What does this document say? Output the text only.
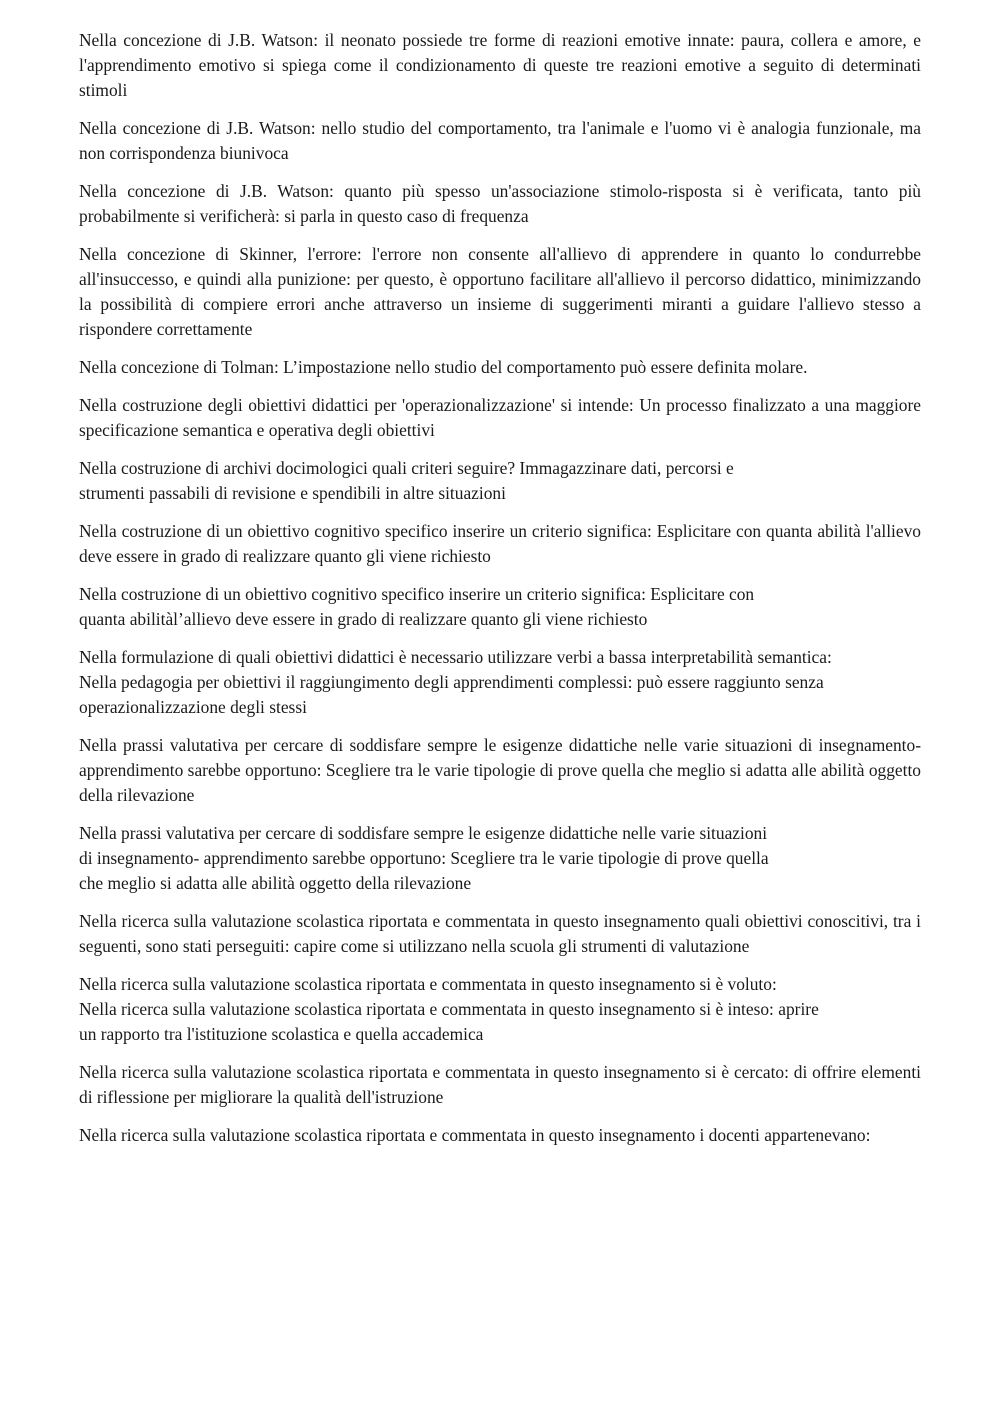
Nella concezione di J.B. Watson: il neonato possiede tre forme di reazioni emotive innate: paura, collera e amore, e l'apprendimento emotivo si spiega come il condizionamento di queste tre reazioni emotive a seguito di determinati stimoli

Nella concezione di J.B. Watson: nello studio del comportamento, tra l'animale e l'uomo vi è analogia funzionale, ma non corrispondenza biunivoca

Nella concezione di J.B. Watson: quanto più spesso un'associazione stimolo-risposta si è verificata, tanto più probabilmente si verificherà: si parla in questo caso di frequenza

Nella concezione di Skinner, l'errore: l'errore non consente all'allievo di apprendere in quanto lo condurrebbe all'insuccesso, e quindi alla punizione: per questo, è opportuno facilitare all'allievo il percorso didattico, minimizzando la possibilità di compiere errori anche attraverso un insieme di suggerimenti miranti a guidare l'allievo stesso a rispondere correttamente

Nella concezione di Tolman: L’impostazione nello studio del comportamento può essere definita molare.

Nella costruzione degli obiettivi didattici per 'operazionalizzazione' si intende: Un processo finalizzato a una maggiore specificazione semantica e operativa degli obiettivi

Nella costruzione di archivi docimologici quali criteri seguire? Immagazzinare dati, percorsi e
strumenti passabili di revisione e spendibili in altre situazioni

Nella costruzione di un obiettivo cognitivo specifico inserire un criterio significa: Esplicitare con quanta abilità l'allievo deve essere in grado di realizzare quanto gli viene richiesto

Nella costruzione di un obiettivo cognitivo specifico inserire un criterio significa: Esplicitare con
quanta abilitàl’allievo deve essere in grado di realizzare quanto gli viene richiesto

Nella formulazione di quali obiettivi didattici è necessario utilizzare verbi a bassa interpretabilità semantica:
Nella pedagogia per obiettivi il raggiungimento degli apprendimenti complessi: può essere raggiunto senza
operazionalizzazione degli stessi

Nella prassi valutativa per cercare di soddisfare sempre le esigenze didattiche nelle varie situazioni di insegnamento- apprendimento sarebbe opportuno: Scegliere tra le varie tipologie di prove quella che meglio si adatta alle abilità oggetto della rilevazione

Nella prassi valutativa per cercare di soddisfare sempre le esigenze didattiche nelle varie situazioni
di insegnamento- apprendimento sarebbe opportuno: Scegliere tra le varie tipologie di prove quella
che meglio si adatta alle abilità oggetto della rilevazione

Nella ricerca sulla valutazione scolastica riportata e commentata in questo insegnamento quali obiettivi conoscitivi, tra i seguenti, sono stati perseguiti: capire come si utilizzano nella scuola gli strumenti di valutazione

Nella ricerca sulla valutazione scolastica riportata e commentata in questo insegnamento si è voluto:
Nella ricerca sulla valutazione scolastica riportata e commentata in questo insegnamento si è inteso: aprire
un rapporto tra l'istituzione scolastica e quella accademica

Nella ricerca sulla valutazione scolastica riportata e commentata in questo insegnamento si è cercato: di offrire elementi di riflessione per migliorare la qualità dell'istruzione

Nella ricerca sulla valutazione scolastica riportata e commentata in questo insegnamento i docenti appartenevano:
